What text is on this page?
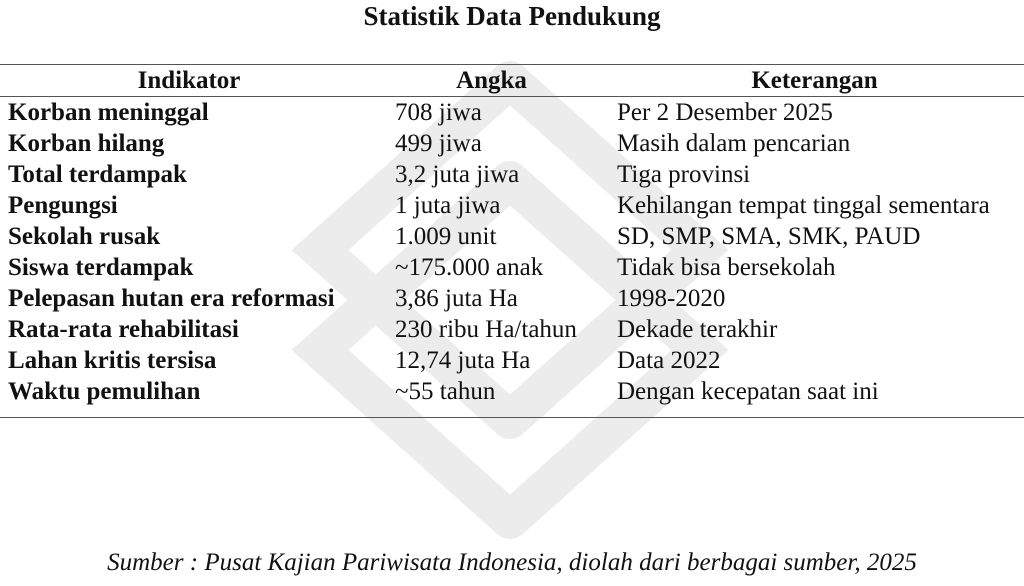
Statistik Data Pendukung
Indikator	Angka	Keterangan
Korban meninggal	708 jiwa	Per 2 Desember 2025
Korban hilang	499 jiwa	Masih dalam pencarian
Total terdampak	3,2 juta jiwa	Tiga provinsi
Pengungsi	1 juta jiwa	Kehilangan tempat tinggal sementara
Sekolah rusak	1.009 unit	SD, SMP, SMA, SMK, PAUD
Siswa terdampak	~175.000 anak	Tidak bisa bersekolah
Pelepasan hutan era reformasi	3,86 juta Ha	1998-2020
Rata-rata rehabilitasi	230 ribu Ha/tahun	Dekade terakhir
Lahan kritis tersisa	12,74 juta Ha	Data 2022
Waktu pemulihan	~55 tahun	Dengan kecepatan saat ini
Sumber : Pusat Kajian Pariwisata Indonesia, diolah dari berbagai sumber, 2025
